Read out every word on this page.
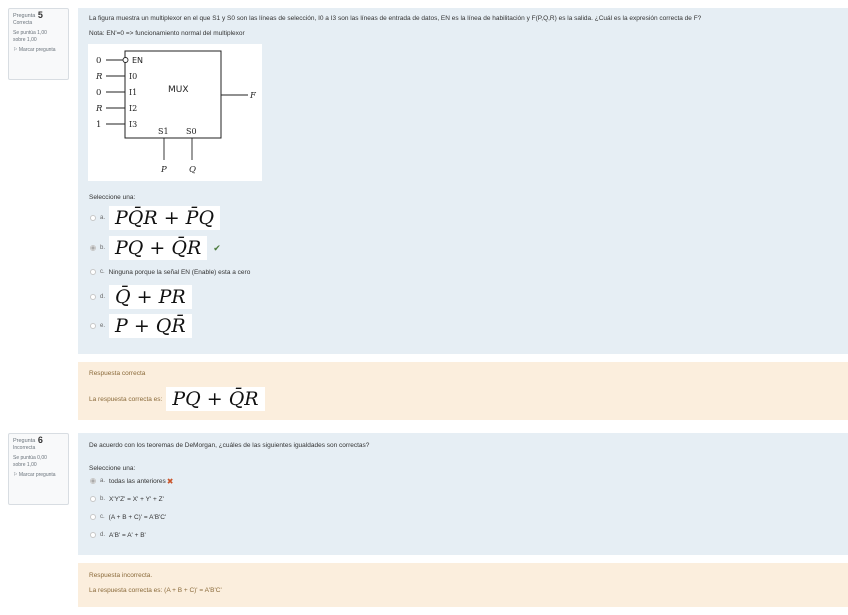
Pregunta 5
Correcta
Se puntúa 1,00
sobre 1,00
⚐ Marcar pregunta
La figura muestra un multiplexor en el que S1 y S0 son las líneas de selección, I0 a I3 son las líneas de entrada de datos, EN es la línea de habilitación y F(P,Q,R) es la salida. ¿Cuál es la expresión correcta de F?
Nota: EN'=0 => funcionamiento normal del multiplexor
0
R
0
R
1
EN
I0
I1
I2
I3
S1 S0
MUX
F
P	Q
Seleccione una:
a. PQ̄R + P̄Q
b. PQ + Q̄R	✔
c. Ninguna porque la señal EN (Enable) esta a cero
d. Q̄ + PR
e. P + QR̄
Respuesta correcta
La respuesta correcta es: PQ + Q̄R
Pregunta 6
Incorrecta
Se puntúa 0,00
sobre 1,00
⚐ Marcar pregunta
De acuerdo con los teoremas de DeMorgan, ¿cuáles de las siguientes igualdades son correctas?
Seleccione una:
a. todas las anteriores ✖
b. X'Y'Z' = X' + Y' + Z'
c. (A + B + C)' = A'B'C'
d. A'B' = A' + B'
Respuesta incorrecta.
La respuesta correcta es: (A + B + C)' = A'B'C'
